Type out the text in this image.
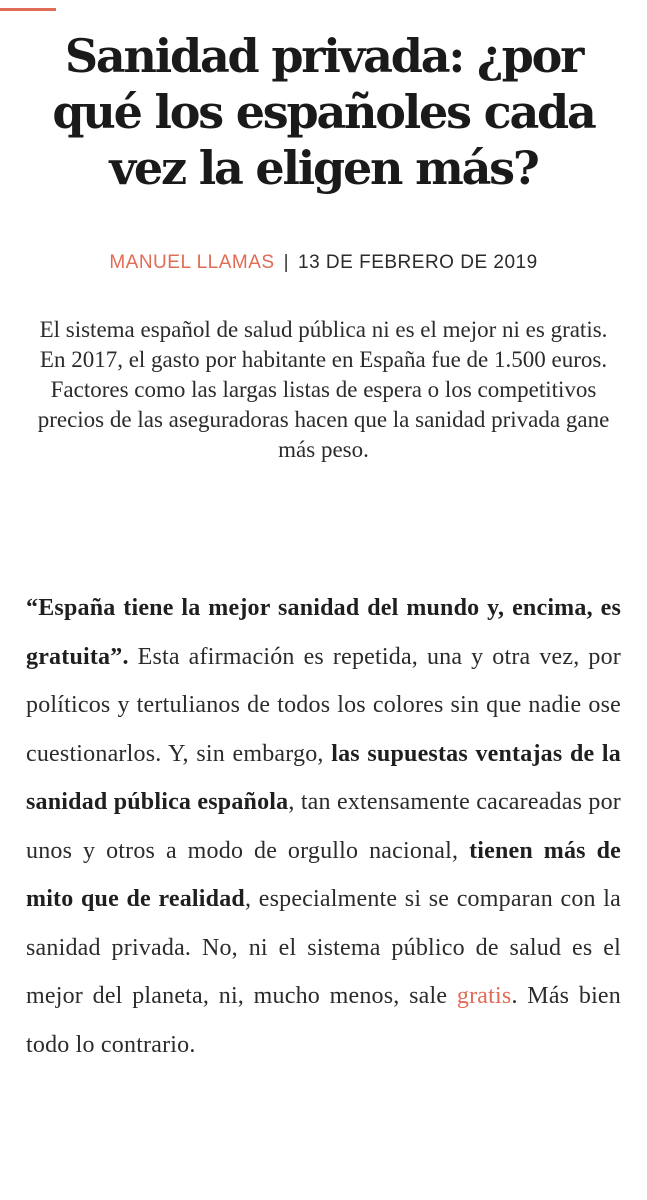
Sanidad privada: ¿por qué los españoles cada vez la eligen más?
MANUEL LLAMAS | 13 DE FEBRERO DE 2019

El sistema español de salud pública ni es el mejor ni es gratis. En 2017, el gasto por habitante en España fue de 1.500 euros. Factores como las largas listas de espera o los competitivos precios de las aseguradoras hacen que la sanidad privada gane más peso.

“España tiene la mejor sanidad del mundo y, encima, es gratuita”. Esta afirmación es repetida, una y otra vez, por políticos y tertulianos de todos los colores sin que nadie ose cuestionarlos. Y, sin embargo, las supuestas ventajas de la sanidad pública española, tan extensamente cacareadas por unos y otros a modo de orgullo nacional, tienen más de mito que de realidad, especialmente si se comparan con la sanidad privada. No, ni el sistema público de salud es el mejor del planeta, ni, mucho menos, sale gratis. Más bien todo lo contrario.
